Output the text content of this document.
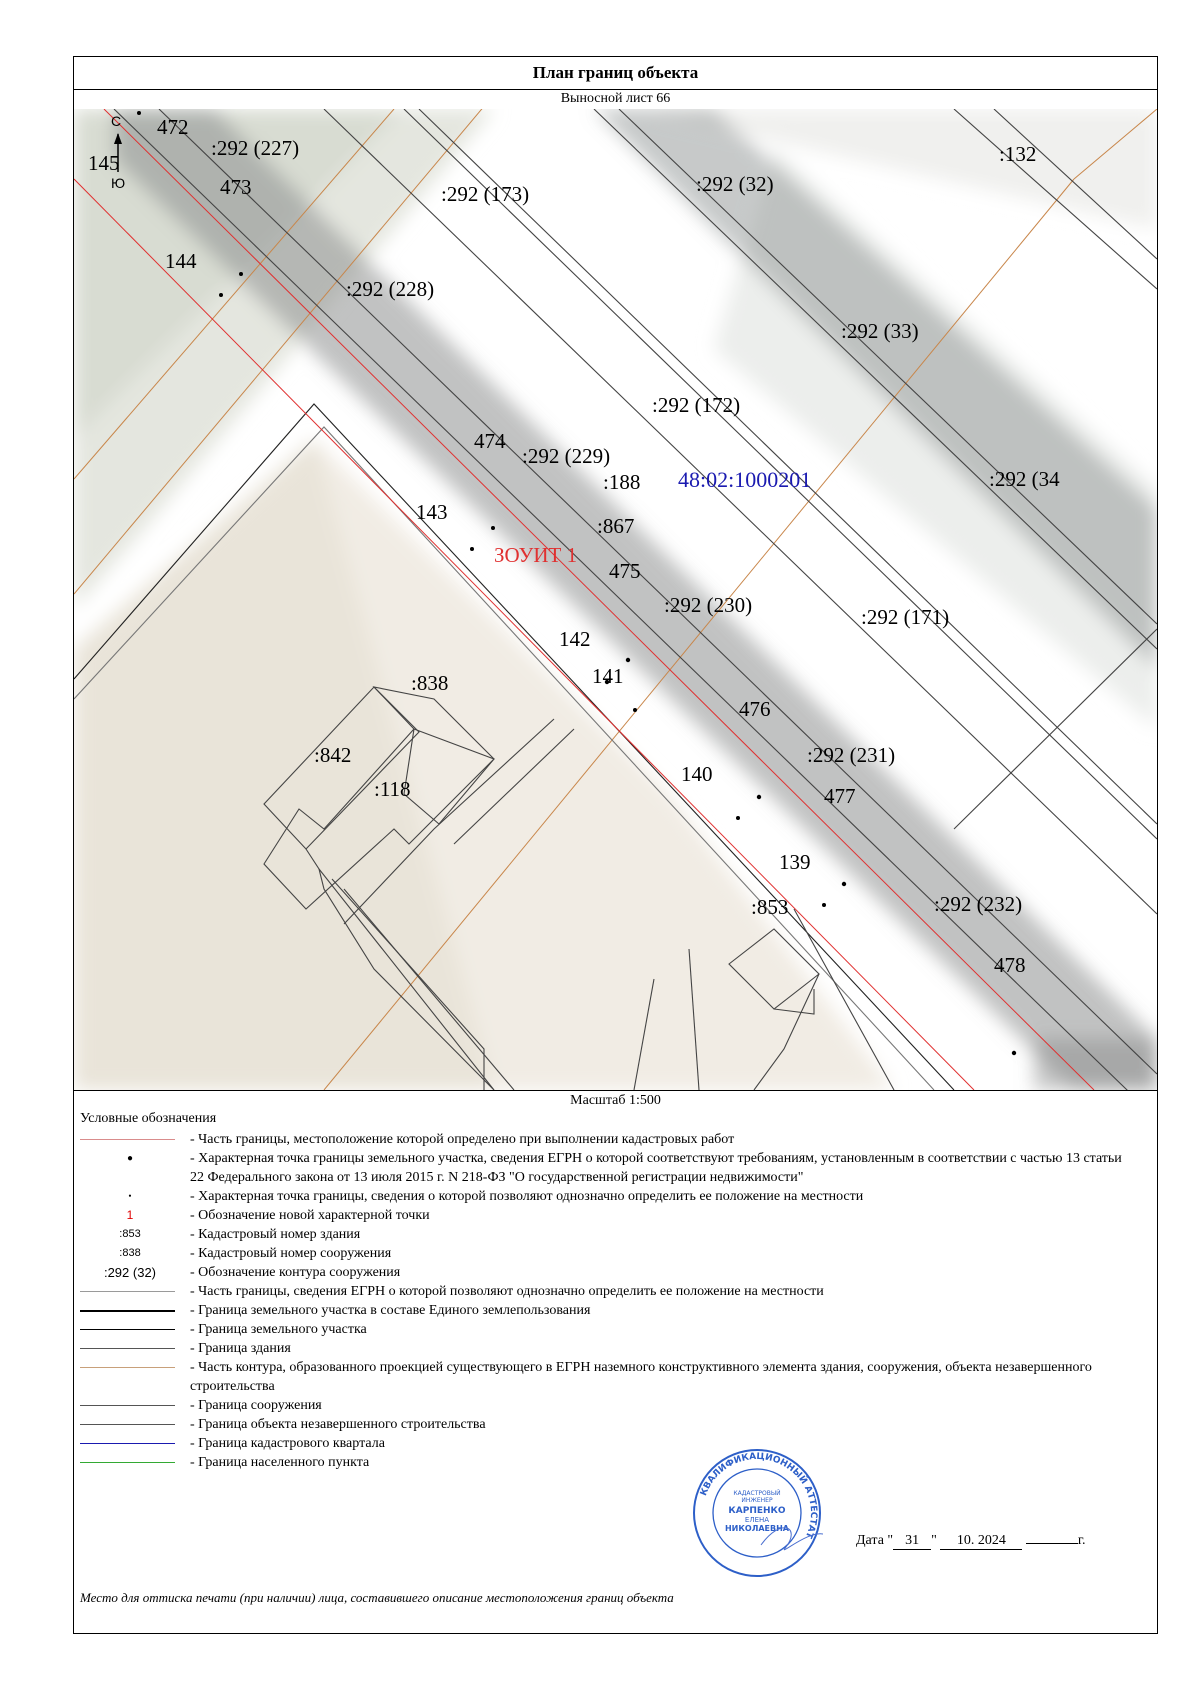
План границ объекта
Выносной лист 66
С
Ю
472
473
145
144
474
143
475
142
141
476
140
477
139
478
:292 (227)
:292 (173)	:292 (32)
:132
:292 (228)
:292 (33)
:292 (172)
:292 (229)
:188	:292 (34
:867
:292 (230)	:292 (171)
:838
:842
:118
:292 (231)
:853	:292 (232)
48:02:1000201
ЗОУИТ 1
Масштаб 1:500
Условные обозначения
- Часть границы, местоположение которой определено при выполнении кадастровых работ
●	- Характерная точка границы земельного участка, сведения ЕГРН о которой соответствуют требованиям, установленным в соответствии с частью 13 статьи 22 Федерального закона от 13 июля 2015 г. N 218-ФЗ "О государственной регистрации недвижимости"
•	- Характерная точка границы, сведения о которой позволяют однозначно определить ее положение на местности
1	- Обозначение новой характерной точки
:853	- Кадастровый номер здания
:838	- Кадастровый номер сооружения
:292 (32)	- Обозначение контура сооружения
- Часть границы, сведения ЕГРН о которой позволяют однозначно определить ее положение на местности
- Граница земельного участка в составе Единого землепользования
- Граница земельного участка
- Граница здания
- Часть контура, образованного проекцией существующего в ЕГРН наземного конструктивного элемента здания, сооружения, объекта незавершенного строительства
- Граница сооружения
- Граница объекта незавершенного строительства
- Граница кадастрового квартала
- Граница населенного пункта
КВАЛИФИКАЦИОННЫЙ АТТЕСТАТ
КАДАСТРОВЫЙ
ИНЖЕНЕР
КАРПЕНКО
ЕЛЕНА
НИКОЛАЕВНА
Дата " 31 " 10. 2024	г.
Место для оттиска печати (при наличии) лица, составившего описание местоположения границ объекта
